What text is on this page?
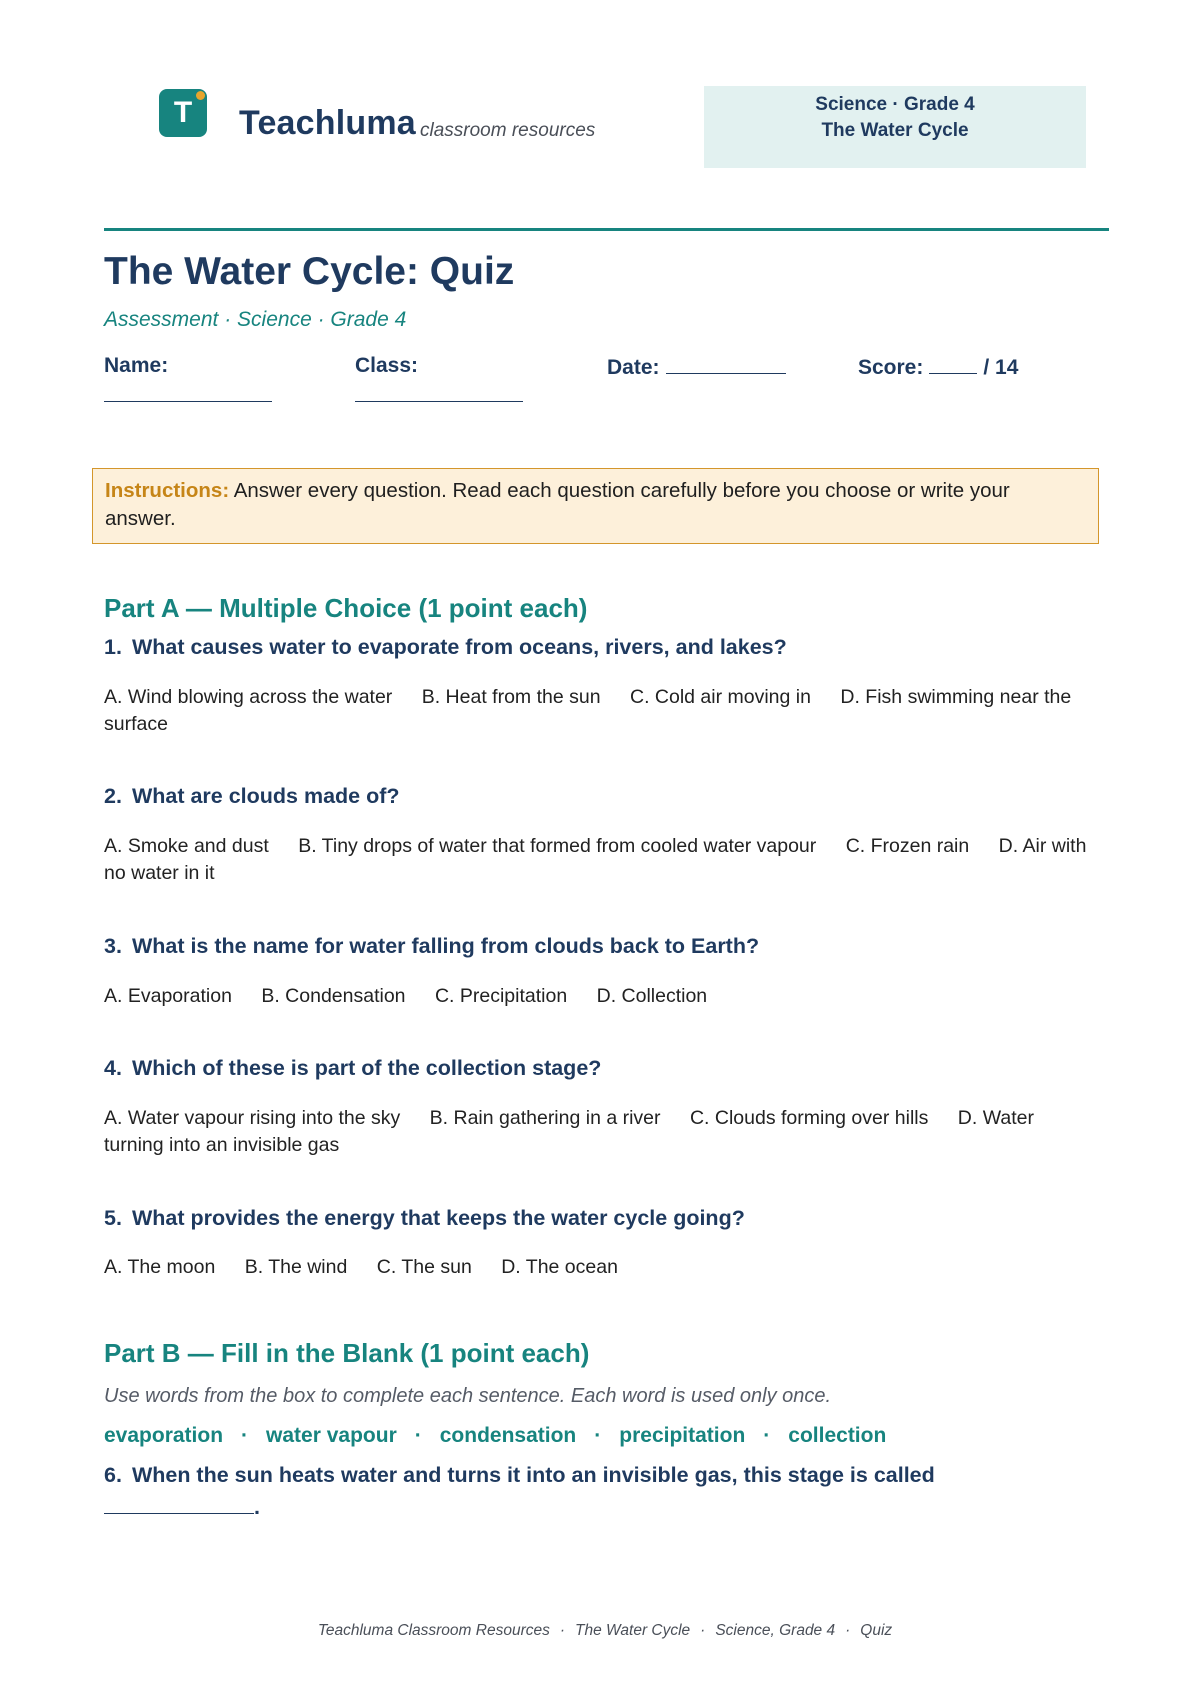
T	Teachluma classroom resources
Science · Grade 4
The Water Cycle
The Water Cycle: Quiz
Assessment · Science · Grade 4
Name:	Class:	Date:	Score:	/ 14
Instructions: Answer every question. Read each question carefully before you choose or write your answer.
Part A — Multiple Choice (1 point each)
1. What causes water to evaporate from oceans, rivers, and lakes?
A. Wind blowing across the water B. Heat from the sun C. Cold air moving in D. Fish swimming near the surface
2. What are clouds made of?
A. Smoke and dust B. Tiny drops of water that formed from cooled water vapour C. Frozen rain D. Air with no water in it
3. What is the name for water falling from clouds back to Earth?
A. Evaporation B. Condensation C. Precipitation D. Collection
4. Which of these is part of the collection stage?
A. Water vapour rising into the sky B. Rain gathering in a river C. Clouds forming over hills D. Water turning into an invisible gas
5. What provides the energy that keeps the water cycle going?
A. The moon B. The wind C. The sun D. The ocean
Part B — Fill in the Blank (1 point each)
Use words from the box to complete each sentence. Each word is used only once.
evaporation · water vapour · condensation · precipitation · collection
6. When the sun heats water and turns it into an invisible gas, this stage is called
.
Teachluma Classroom Resources · The Water Cycle · Science, Grade 4 · Quiz
